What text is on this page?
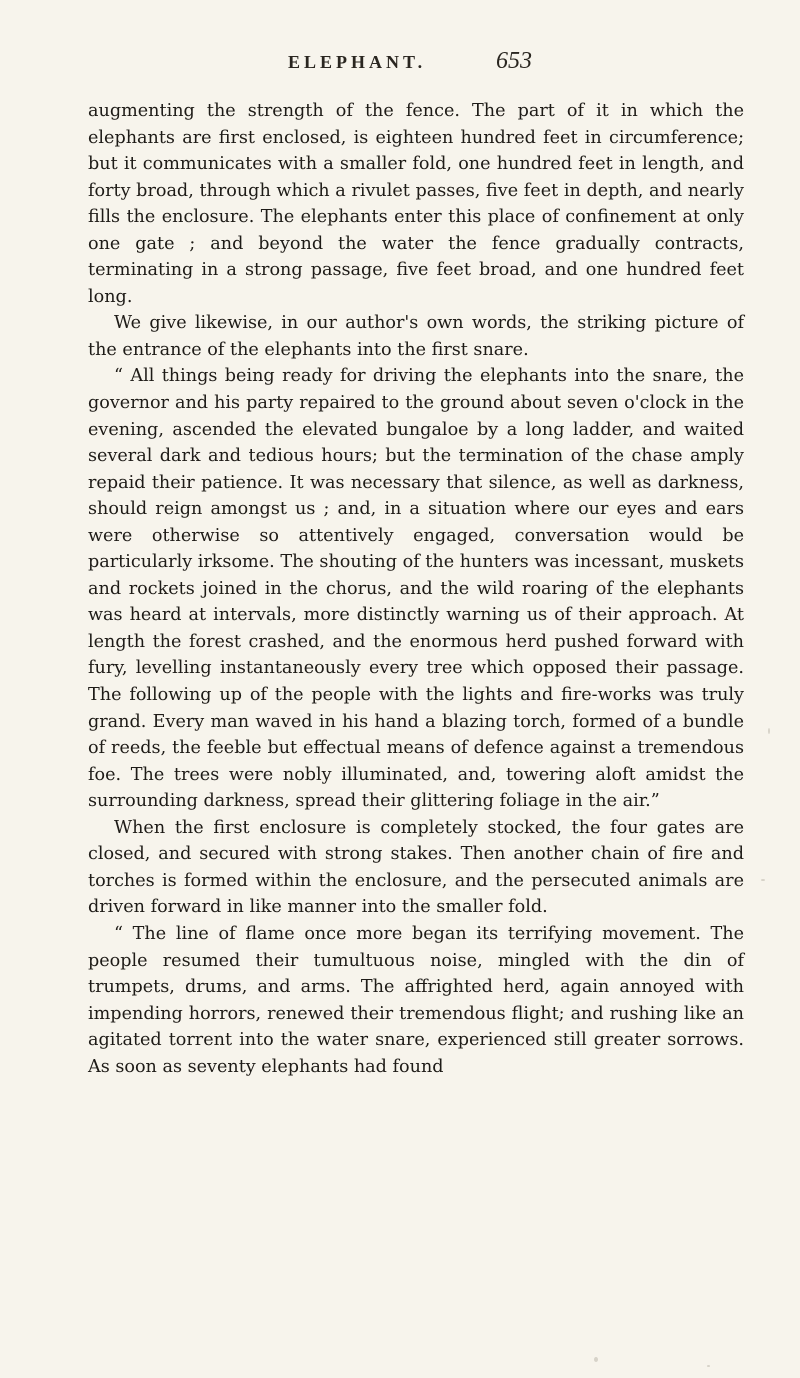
ELEPHANT.	653

augmenting the strength of the fence. The part of it in which the elephants are first enclosed, is eighteen hundred feet in circumference; but it communicates with a smaller fold, one hundred feet in length, and forty broad, through which a rivulet passes, five feet in depth, and nearly fills the enclosure. The elephants enter this place of confinement at only one gate ; and beyond the water the fence gradually contracts, terminating in a strong passage, five feet broad, and one hundred feet long.

We give likewise, in our author's own words, the striking picture of the entrance of the elephants into the first snare.

“ All things being ready for driving the elephants into the snare, the governor and his party repaired to the ground about seven o'clock in the evening, ascended the elevated bungaloe by a long ladder, and waited several dark and tedious hours; but the termination of the chase amply repaid their patience. It was necessary that silence, as well as darkness, should reign amongst us ; and, in a situation where our eyes and ears were otherwise so attentively engaged, conversation would be particularly irksome. The shouting of the hunters was incessant, muskets and rockets joined in the chorus, and the wild roaring of the elephants was heard at intervals, more distinctly warning us of their approach. At length the forest crashed, and the enormous herd pushed forward with fury, levelling instantaneously every tree which opposed their passage. The following up of the people with the lights and fire-works was truly grand. Every man waved in his hand a blazing torch, formed of a bundle of reeds, the feeble but effectual means of defence against a tremendous foe. The trees were nobly illuminated, and, towering aloft amidst the surrounding darkness, spread their glittering foliage in the air.”

When the first enclosure is completely stocked, the four gates are closed, and secured with strong stakes. Then another chain of fire and torches is formed within the enclosure, and the persecuted animals are driven forward in like manner into the smaller fold.

“ The line of flame once more began its terrifying movement. The people resumed their tumultuous noise, mingled with the din of trumpets, drums, and arms. The affrighted herd, again annoyed with impending horrors, renewed their tremendous flight; and rushing like an agitated torrent into the water snare, experienced still greater sorrows. As soon as seventy elephants had found
